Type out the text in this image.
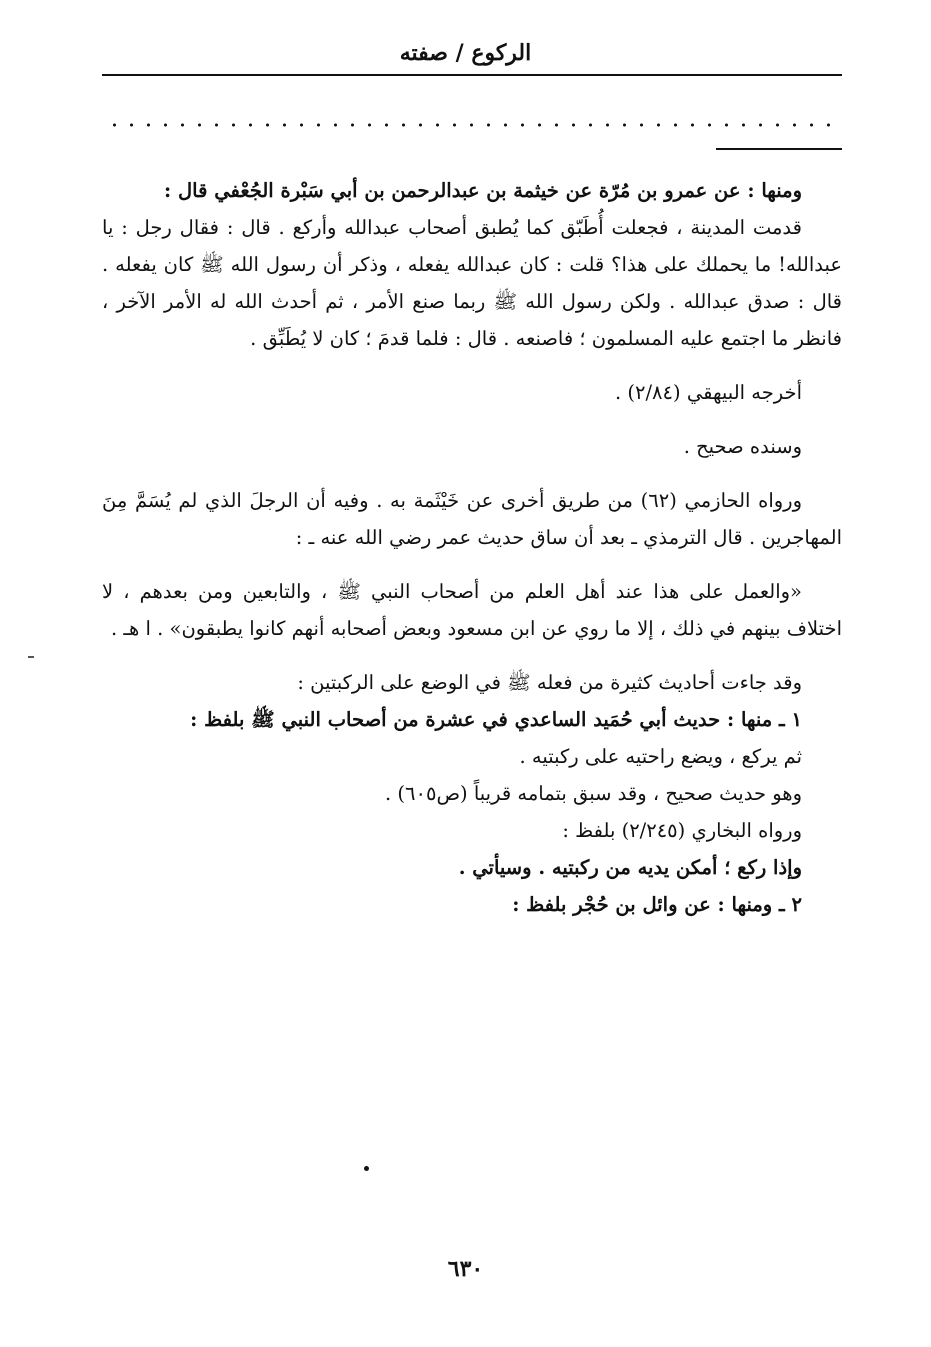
الركوع / صفته

ومنها : عن عمرو بن مُرّة عن خيثمة بن عبدالرحمن بن أبي سَبْرة الجُعْفي قال :

قدمت المدينة ، فجعلت أُطَبّق كما يُطبق أصحاب عبدالله وأركع . قال : فقال رجل : يا عبدالله! ما يحملك على هذا؟ قلت : كان عبدالله يفعله ، وذكر أن رسول الله ﷺ كان يفعله . قال : صدق عبدالله . ولكن رسول الله ﷺ ربما صنع الأمر ، ثم أحدث الله له الأمر الآخر ، فانظر ما اجتمع عليه المسلمون ؛ فاصنعه . قال : فلما قدمَ ؛ كان لا يُطَبِّق .

أخرجه البيهقي (٢/٨٤) .

وسنده صحيح .

ورواه الحازمي (٦٢) من طريق أخرى عن خَيْثَمة به . وفيه أن الرجلَ الذي لم يُسَمَّ مِنَ المهاجرين . قال الترمذي ـ بعد أن ساق حديث عمر رضي الله عنه ـ :

«والعمل على هذا عند أهل العلم من أصحاب النبي ﷺ ، والتابعين ومن بعدهم ، لا اختلاف بينهم في ذلك ، إلا ما روي عن ابن مسعود وبعض أصحابه أنهم كانوا يطبقون» . ا هـ .

وقد جاءت أحاديث كثيرة من فعله ﷺ في الوضع على الركبتين :

١ ـ منها : حديث أبي حُمَيد الساعدي في عشرة من أصحاب النبي ﷺ بلفظ :

ثم يركع ، ويضع راحتيه على ركبتيه .

وهو حديث صحيح ، وقد سبق بتمامه قريباً (ص٦٠٥) .

ورواه البخاري (٢/٢٤٥) بلفظ :

وإذا ركع ؛ أمكن يديه من ركبتيه . وسيأتي .

٢ ـ ومنها : عن وائل بن حُجْر بلفظ :

٦٣٠
